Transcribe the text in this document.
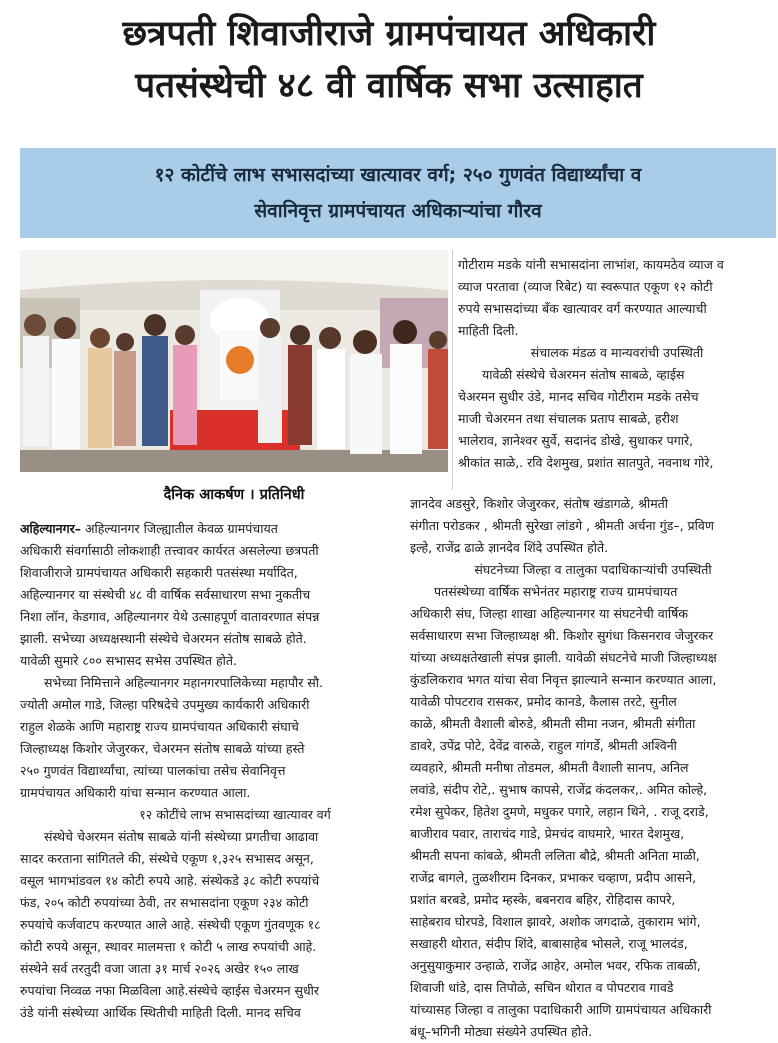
छत्रपती शिवाजीराजे ग्रामपंचायत अधिकारी
पतसंस्थेची ४८ वी वार्षिक सभा उत्साहात
१२ कोटींचे लाभ सभासदांच्या खात्यावर वर्ग; २५० गुणवंत विद्यार्थ्यांचा व
सेवानिवृत्त ग्रामपंचायत अधिकाऱ्यांचा गौरव
दैनिक आकर्षण । प्रतिनिधी
अहिल्यानगर– अहिल्यानगर जिल्ह्यातील केवळ ग्रामपंचायत
अधिकारी संवर्गासाठी लोकशाही तत्त्वावर कार्यरत असलेल्या छत्रपती
शिवाजीराजे ग्रामपंचायत अधिकारी सहकारी पतसंस्था मर्यादित,
अहिल्यानगर या संस्थेची ४८ वी वार्षिक सर्वसाधारण सभा नुकतीच
निशा लॉन, केडगाव, अहिल्यानगर येथे उत्साहपूर्ण वातावरणात संपन्न
झाली. सभेच्या अध्यक्षस्थानी संस्थेचे चेअरमन संतोष साबळे होते.
यावेळी सुमारे ८०० सभासद सभेस उपस्थित होते.
सभेच्या निमित्ताने अहिल्यानगर महानगरपालिकेच्या महापौर सौ.
ज्योती अमोल गाडे, जिल्हा परिषदेचे उपमुख्य कार्यकारी अधिकारी
राहुल शेळके आणि महाराष्ट्र राज्य ग्रामपंचायत अधिकारी संघाचे
जिल्हाध्यक्ष किशोर जेजुरकर, चेअरमन संतोष साबळे यांच्या हस्ते
२५० गुणवंत विद्यार्थ्यांचा, त्यांच्या पालकांचा तसेच सेवानिवृत्त
ग्रामपंचायत अधिकारी यांचा सन्मान करण्यात आला.
१२ कोटींचे लाभ सभासदांच्या खात्यावर वर्ग
संस्थेचे चेअरमन संतोष साबळे यांनी संस्थेच्या प्रगतीचा आढावा
सादर करताना सांगितले की, संस्थेचे एकूण १,३२५ सभासद असून,
वसूल भागभांडवल १४ कोटी रुपये आहे. संस्थेकडे ३८ कोटी रुपयांचे
फंड, २०५ कोटी रुपयांच्या ठेवी, तर सभासदांना एकूण २३४ कोटी
रुपयांचे कर्जवाटप करण्यात आले आहे. संस्थेची एकूण गुंतवणूक १८
कोटी रुपये असून, स्थावर मालमत्ता १ कोटी ५ लाख रुपयांची आहे.
संस्थेने सर्व तरतुदी वजा जाता ३१ मार्च २०२६ अखेर १५० लाख
रुपयांचा निव्वळ नफा मिळविला आहे.संस्थेचे व्हाईस चेअरमन सुधीर
उंडे यांनी संस्थेच्या आर्थिक स्थितीची माहिती दिली. मानद सचिव
गोटीराम मडके यांनी सभासदांना लाभांश, कायमठेव व्याज व
व्याज परतावा (व्याज रिबेट) या स्वरूपात एकूण १२ कोटी
रुपये सभासदांच्या बँक खात्यावर वर्ग करण्यात आल्याची
माहिती दिली.
संचालक मंडळ व मान्यवरांची उपस्थिती
यावेळी संस्थेचे चेअरमन संतोष साबळे, व्हाईस
चेअरमन सुधीर उंडे, मानद सचिव गोटीराम मडके तसेच
माजी चेअरमन तथा संचालक प्रताप साबळे, हरीश
भालेराव, ज्ञानेश्वर सुर्वे, सदानंद डोखे, सुधाकर पगारे,
श्रीकांत साळे,. रवि देशमुख, प्रशांत सातपुते, नवनाथ गोरे,
ज्ञानदेव अडसुरे, किशोर जेजुरकर, संतोष खंडागळे, श्रीमती
संगीता परोडकर , श्रीमती सुरेखा लांडगे , श्रीमती अर्चना गुंड–, प्रविण
इल्हे, राजेंद्र ढाळे ज्ञानदेव शिंदे उपस्थित होते.
संघटनेच्या जिल्हा व तालुका पदाधिकाऱ्यांची उपस्थिती
पतसंस्थेच्या वार्षिक सभेनंतर महाराष्ट्र राज्य ग्रामपंचायत
अधिकारी संघ, जिल्हा शाखा अहिल्यानगर या संघटनेची वार्षिक
सर्वसाधारण सभा जिल्हाध्यक्ष श्री. किशोर सुगंधा किसनराव जेजुरकर
यांच्या अध्यक्षतेखाली संपन्न झाली. यावेळी संघटनेचे माजी जिल्हाध्यक्ष
कुंडलिकराव भगत यांचा सेवा निवृत्त झाल्याने सन्मान करण्यात आला,
यावेळी पोपटराव रासकर, प्रमोद कानडे, कैलास तरटे, सुनील
काळे, श्रीमती वैशाली बोरुडे, श्रीमती सीमा नजन, श्रीमती संगीता
डावरे, उपेंद्र पोटे, देवेंद्र वारुळे, राहुल गांगर्डे, श्रीमती अश्विनी
व्यवहारे, श्रीमती मनीषा तोडमल, श्रीमती वैशाली सानप, अनिल
लवांडे, संदीप रोटे,. सुभाष कापसे, राजेंद्र कंदलकर,. अमित कोल्हे,
रमेश सुपेकर, हितेश दुमणे, मधुकर पगारे, लहान थिने, . राजू दराडे,
बाजीराव पवार, ताराचंद गाडे, प्रेमचंद वाघमारे, भारत देशमुख,
श्रीमती सपना कांबळे, श्रीमती ललिता बौद्रे, श्रीमती अनिता माळी,
राजेंद्र बागले, तुळशीराम दिनकर, प्रभाकर चव्हाण, प्रदीप आसने,
प्रशांत बरबडे, प्रमोद म्हस्के, बबनराव बहिर, रोहिदास कापरे,
साहेबराव घोरपडे, विशाल झावरे, अशोक जगदाळे, तुकाराम भांगे,
सखाहरी थोरात, संदीप शिंदे, बाबासाहेब भोसले, राजू भालदंड,
अनुसुयाकुमार उन्हाळे, राजेंद्र आहेर, अमोल भवर, रफिक ताबळी,
शिवाजी धांडे, दास तिपोळे, सचिन थोरात व पोपटराव गावडे
यांच्यासह जिल्हा व तालुका पदाधिकारी आणि ग्रामपंचायत अधिकारी
बंधू–भगिनी मोठ्या संख्येने उपस्थित होते.
